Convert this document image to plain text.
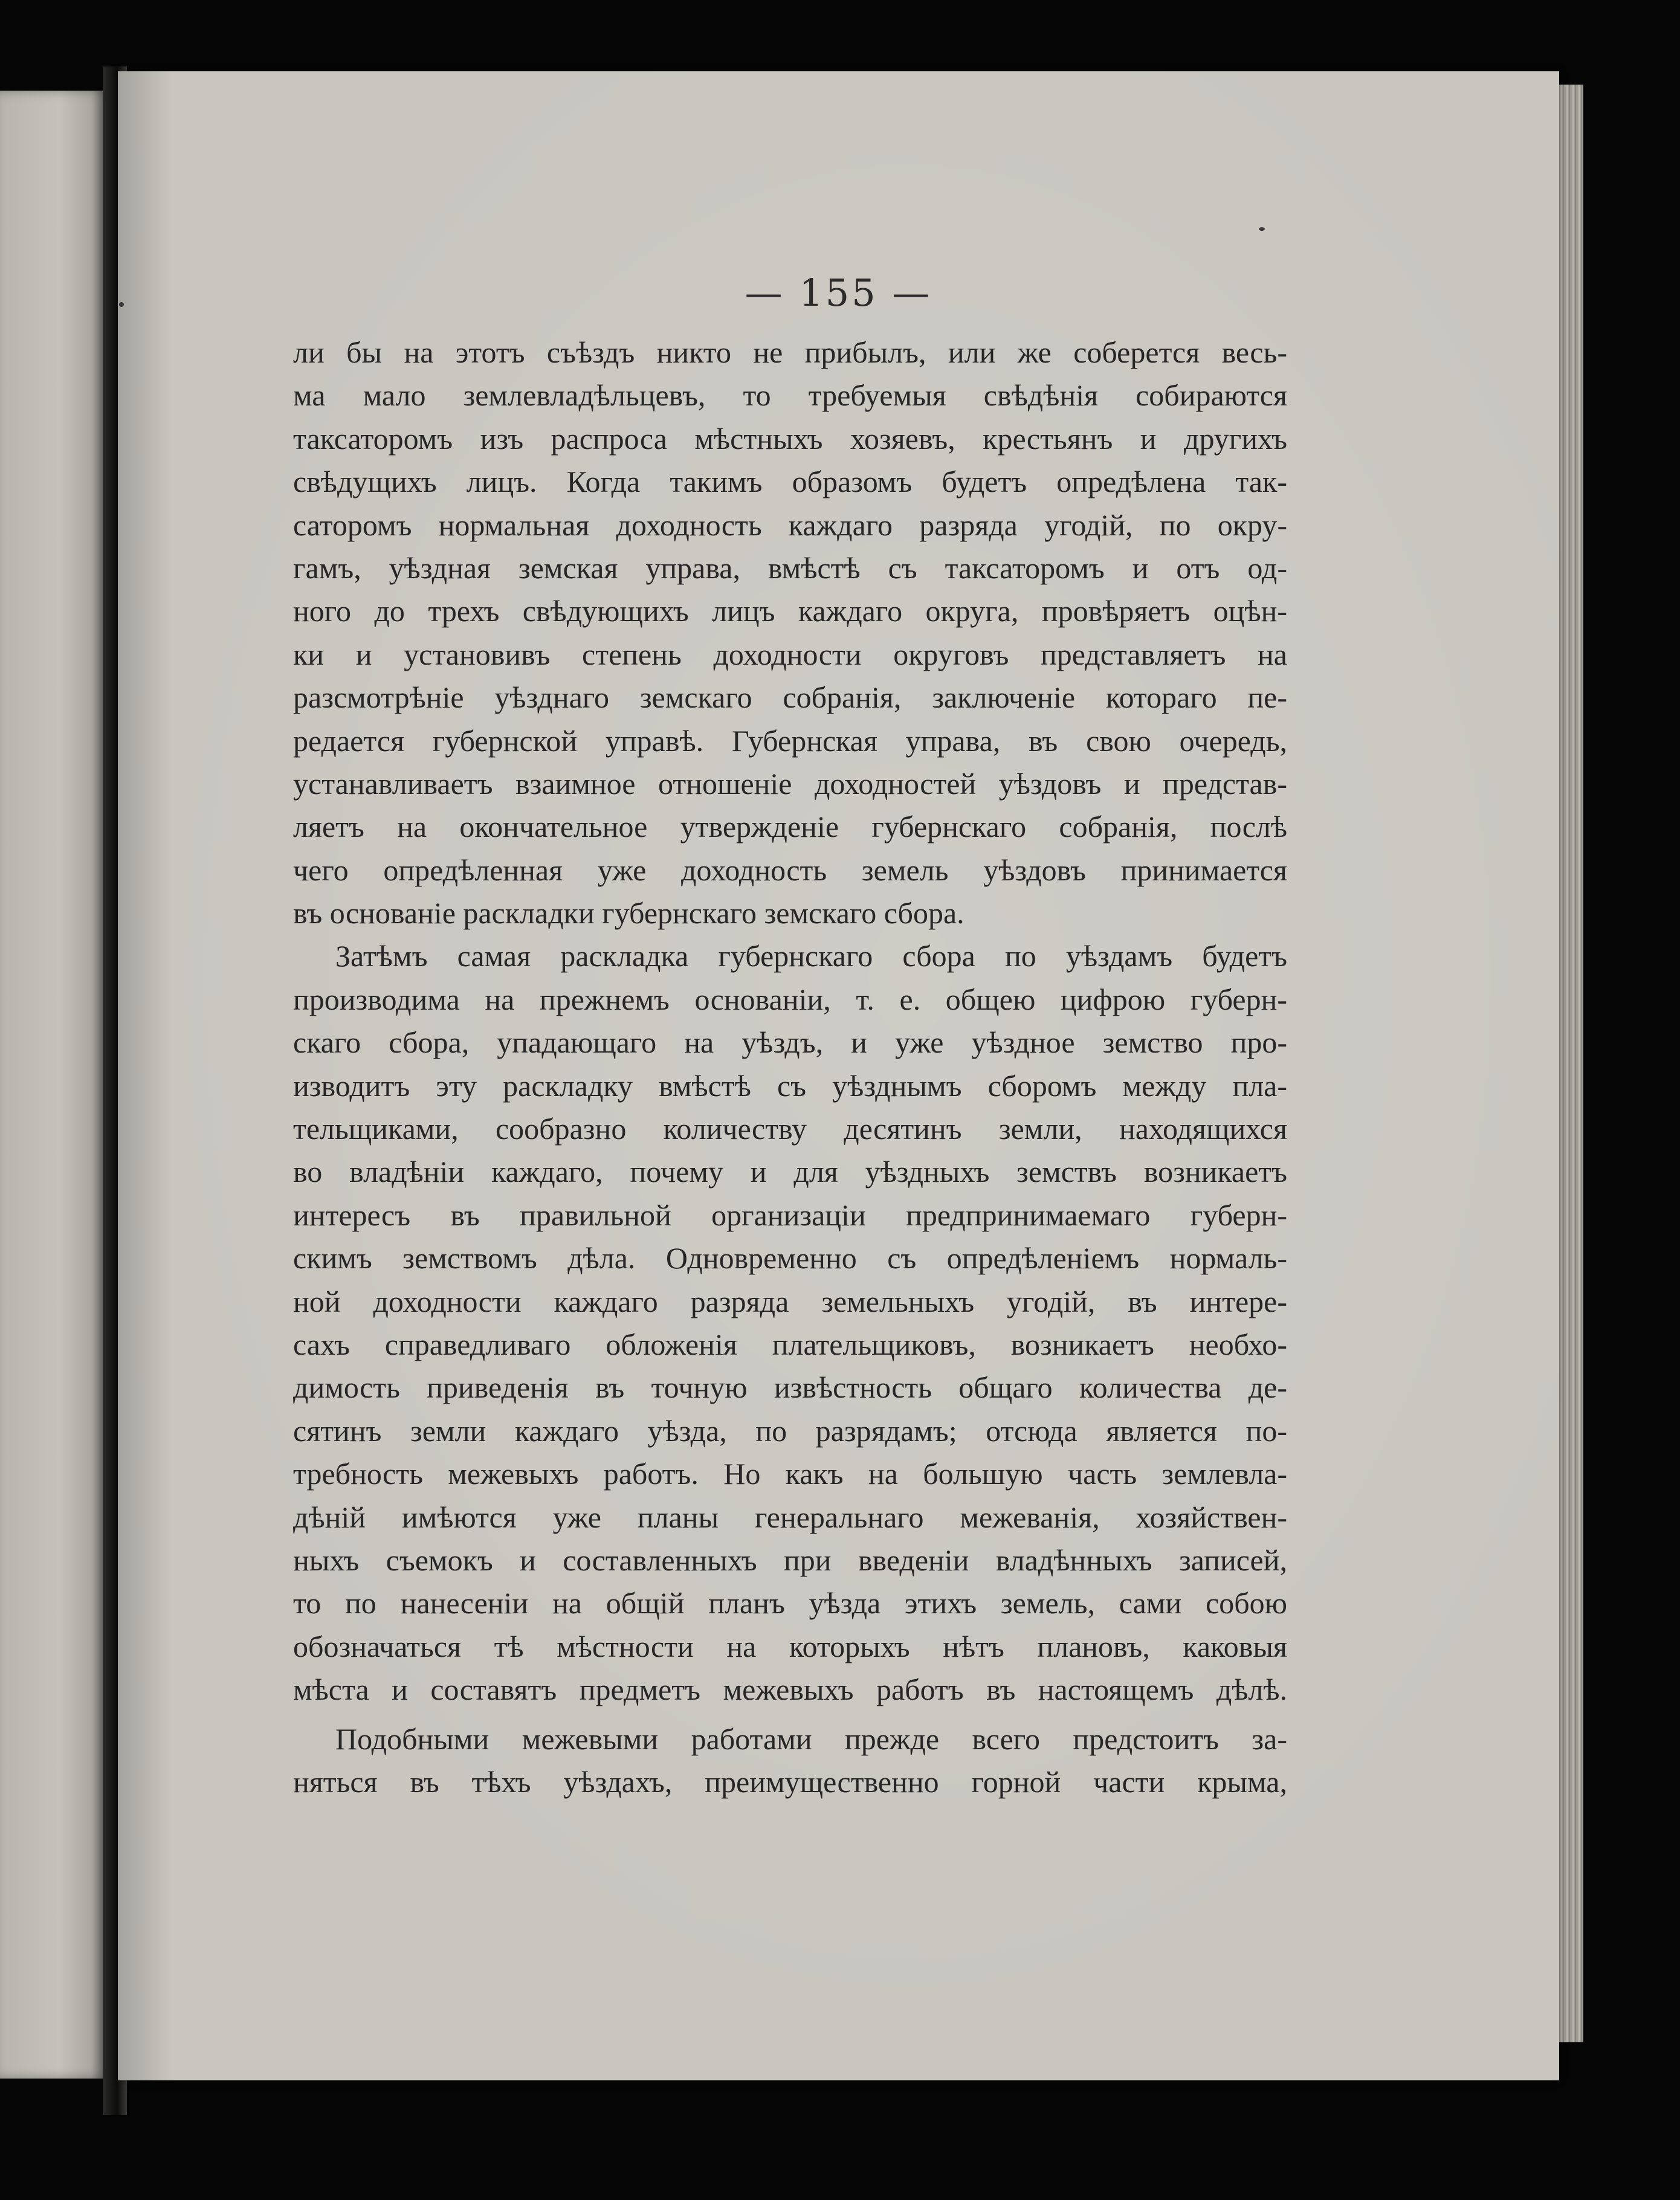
— 155 —
ли бы на этотъ съѣздъ никто не прибылъ, или же соберется весь-
ма мало землевладѣльцевъ, то требуемыя свѣдѣнія собираются
таксаторомъ изъ распроса мѣстныхъ хозяевъ, крестьянъ и другихъ
свѣдущихъ лицъ. Когда такимъ образомъ будетъ опредѣлена так-
саторомъ нормальная доходность каждаго разряда угодій, по окру-
гамъ, уѣздная земская управа, вмѣстѣ съ таксаторомъ и отъ од-
ного до трехъ свѣдующихъ лицъ каждаго округа, провѣряетъ оцѣн-
ки и установивъ степень доходности округовъ представляетъ на
разсмотрѣніе уѣзднаго земскаго собранія, заключеніе котораго пе-
редается губернской управѣ. Губернская управа, въ свою очередь,
устанавливаетъ взаимное отношеніе доходностей уѣздовъ и представ-
ляетъ на окончательное утвержденіе губернскаго собранія, послѣ
чего опредѣленная уже доходность земель уѣздовъ принимается
въ основаніе раскладки губернскаго земскаго сбора.
Затѣмъ самая раскладка губернскаго сбора по уѣздамъ будетъ
производима на прежнемъ основаніи, т. е. общею цифрою губерн-
скаго сбора, упадающаго на уѣздъ, и уже уѣздное земство про-
изводитъ эту раскладку вмѣстѣ съ уѣзднымъ сборомъ между пла-
тельщиками, сообразно количеству десятинъ земли, находящихся
во владѣніи каждаго, почему и для уѣздныхъ земствъ возникаетъ
интересъ въ правильной организаціи предпринимаемаго губерн-
скимъ земствомъ дѣла. Одновременно съ опредѣленіемъ нормаль-
ной доходности каждаго разряда земельныхъ угодій, въ интере-
сахъ справедливаго обложенія плательщиковъ, возникаетъ необхо-
димость приведенія въ точную извѣстность общаго количества де-
сятинъ земли каждаго уѣзда, по разрядамъ; отсюда является по-
требность межевыхъ работъ. Но какъ на большую часть землевла-
дѣній имѣются уже планы генеральнаго межеванія, хозяйствен-
ныхъ съемокъ и составленныхъ при введеніи владѣнныхъ записей,
то по нанесеніи на общій планъ уѣзда этихъ земель, сами собою
обозначаться тѣ мѣстности на которыхъ нѣтъ плановъ, каковыя
мѣста и составятъ предметъ межевыхъ работъ въ настоящемъ дѣлѣ.
Подобными межевыми работами прежде всего предстоитъ за-
няться въ тѣхъ уѣздахъ, преимущественно горной части крыма,
